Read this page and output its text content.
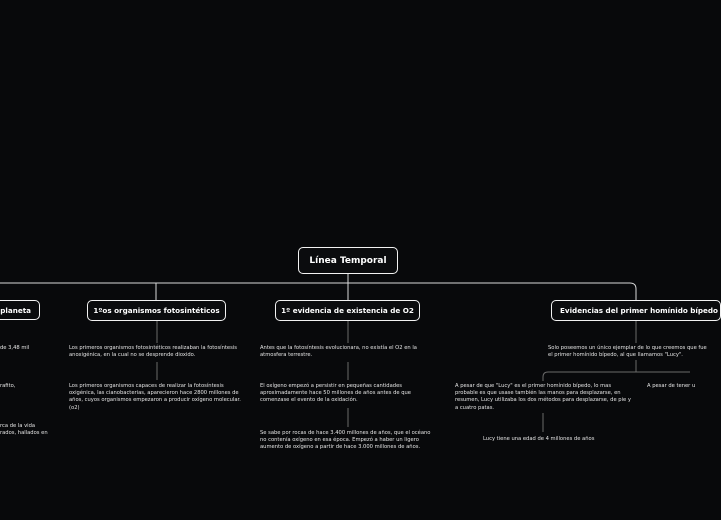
Línea Temporal
planeta
de 3,48 mil
rafito,
rca de la vida
rados, hallados en
1ºos organismos fotosintéticos
Los primeros organismos fotosintéticos realizaban la fotosíntesis anoxigénica, en la cual no se desprende dioxido.
Los primeros organismos capaces de realizar la fotosíntesis oxigénica, las cianobacterias, aparecieron hace 2800 millones de años, cuyos organismos empezaron a producir oxígeno molecular. (o2)
1º evidencia de existencia de O2
Antes que la fotosíntesis evolucionara, no existía el O2 en la atmosfera terrestre.
El oxígeno empezó a persistir en pequeñas cantidades aproximadamente hace 50 millones de años antes de que comenzase el evento de la oxidación.
Se sabe por rocas de hace 3.400 millones de años, que el océano no contenía oxígeno en esa época. Empezó a haber un ligero aumento de oxígeno a partir de hace 3.000 millones de años.
Evidencias del primer homínido bípedo
Solo poseemos un único ejemplar de lo que creemos que fue el primer homínido bípedo, al que llamamos "Lucy".
A pesar de que "Lucy" es el primer homínido bípedo, lo mas probable es que usase también las manos para desplazarse, en resumen, Lucy utilizaba los dos métodos para desplazarse, de pie y a cuatro patas.
A pesar de tener u
Lucy tiene una edad de 4 millones de años
